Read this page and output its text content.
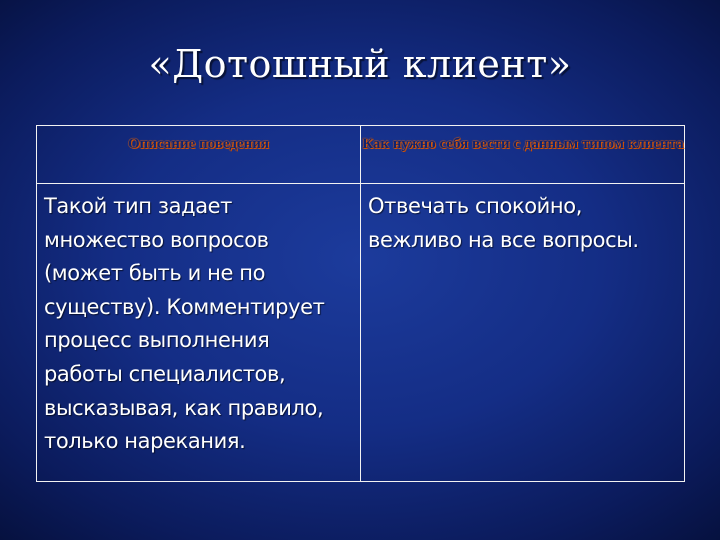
«Дотошный клиент»
Описание поведения	Как нужно себя вести с данным типом клиента
Такой тип задает
множество вопросов
(может быть и не по
существу). Комментирует
процесс выполнения
работы специалистов,
высказывая, как правило,
только нарекания.
Отвечать спокойно,
вежливо на все вопросы.
